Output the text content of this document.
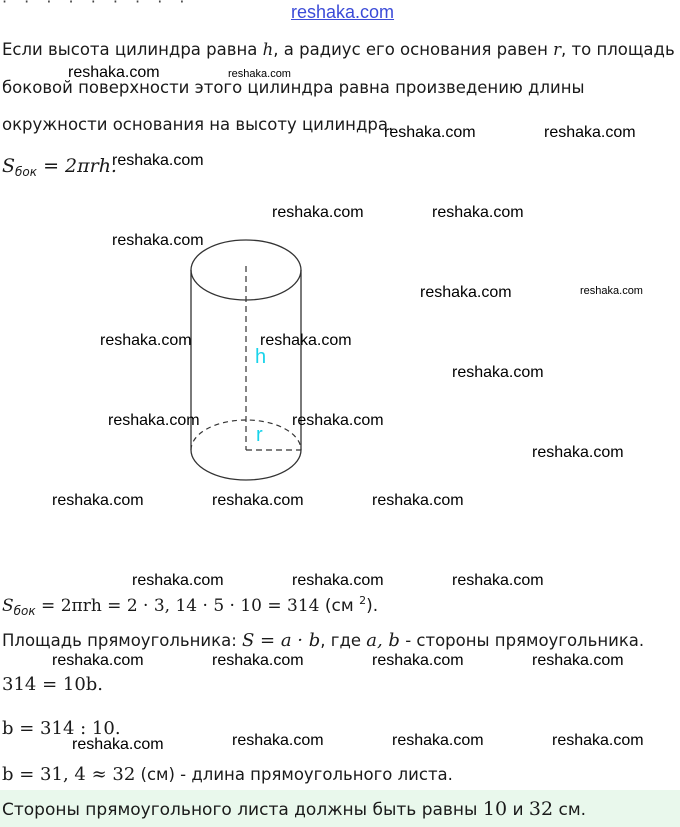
· · · · · · · · ·
Если высота цилиндра равна h, а радиус его основания равен r, то площадь
боковой поверхности этого цилиндра равна произведению длины
окружности основания на высоту цилиндра.
$S_{бок} = 2\pi rh$.
h
r
$S_{бок} = 2\pi rh = 2 \cdot 3$, 14 · 5 · 10 = 314 (см $^2$).
Площадь прямоугольника: S = a · b, где a, b - стороны прямоугольника.
314 = 10b.
b = 314 : 10.
b = 31, 4 ≈ 32 (см) - длина прямоугольного листа.
Стороны прямоугольного листа должны быть равны 10 и 32 см.
reshaka.com
reshaka.com	reshaka.com
reshaka.com	reshaka.com
reshaka.com
reshaka.com	reshaka.com
reshaka.com
reshaka.com	reshaka.com
reshaka.com	reshaka.com
reshaka.com
reshaka.com	reshaka.com
reshaka.com
reshaka.com	reshaka.com	reshaka.com
reshaka.com	reshaka.com	reshaka.com
reshaka.com	reshaka.com	reshaka.com	reshaka.com
reshaka.com	reshaka.com	reshaka.com	reshaka.com
